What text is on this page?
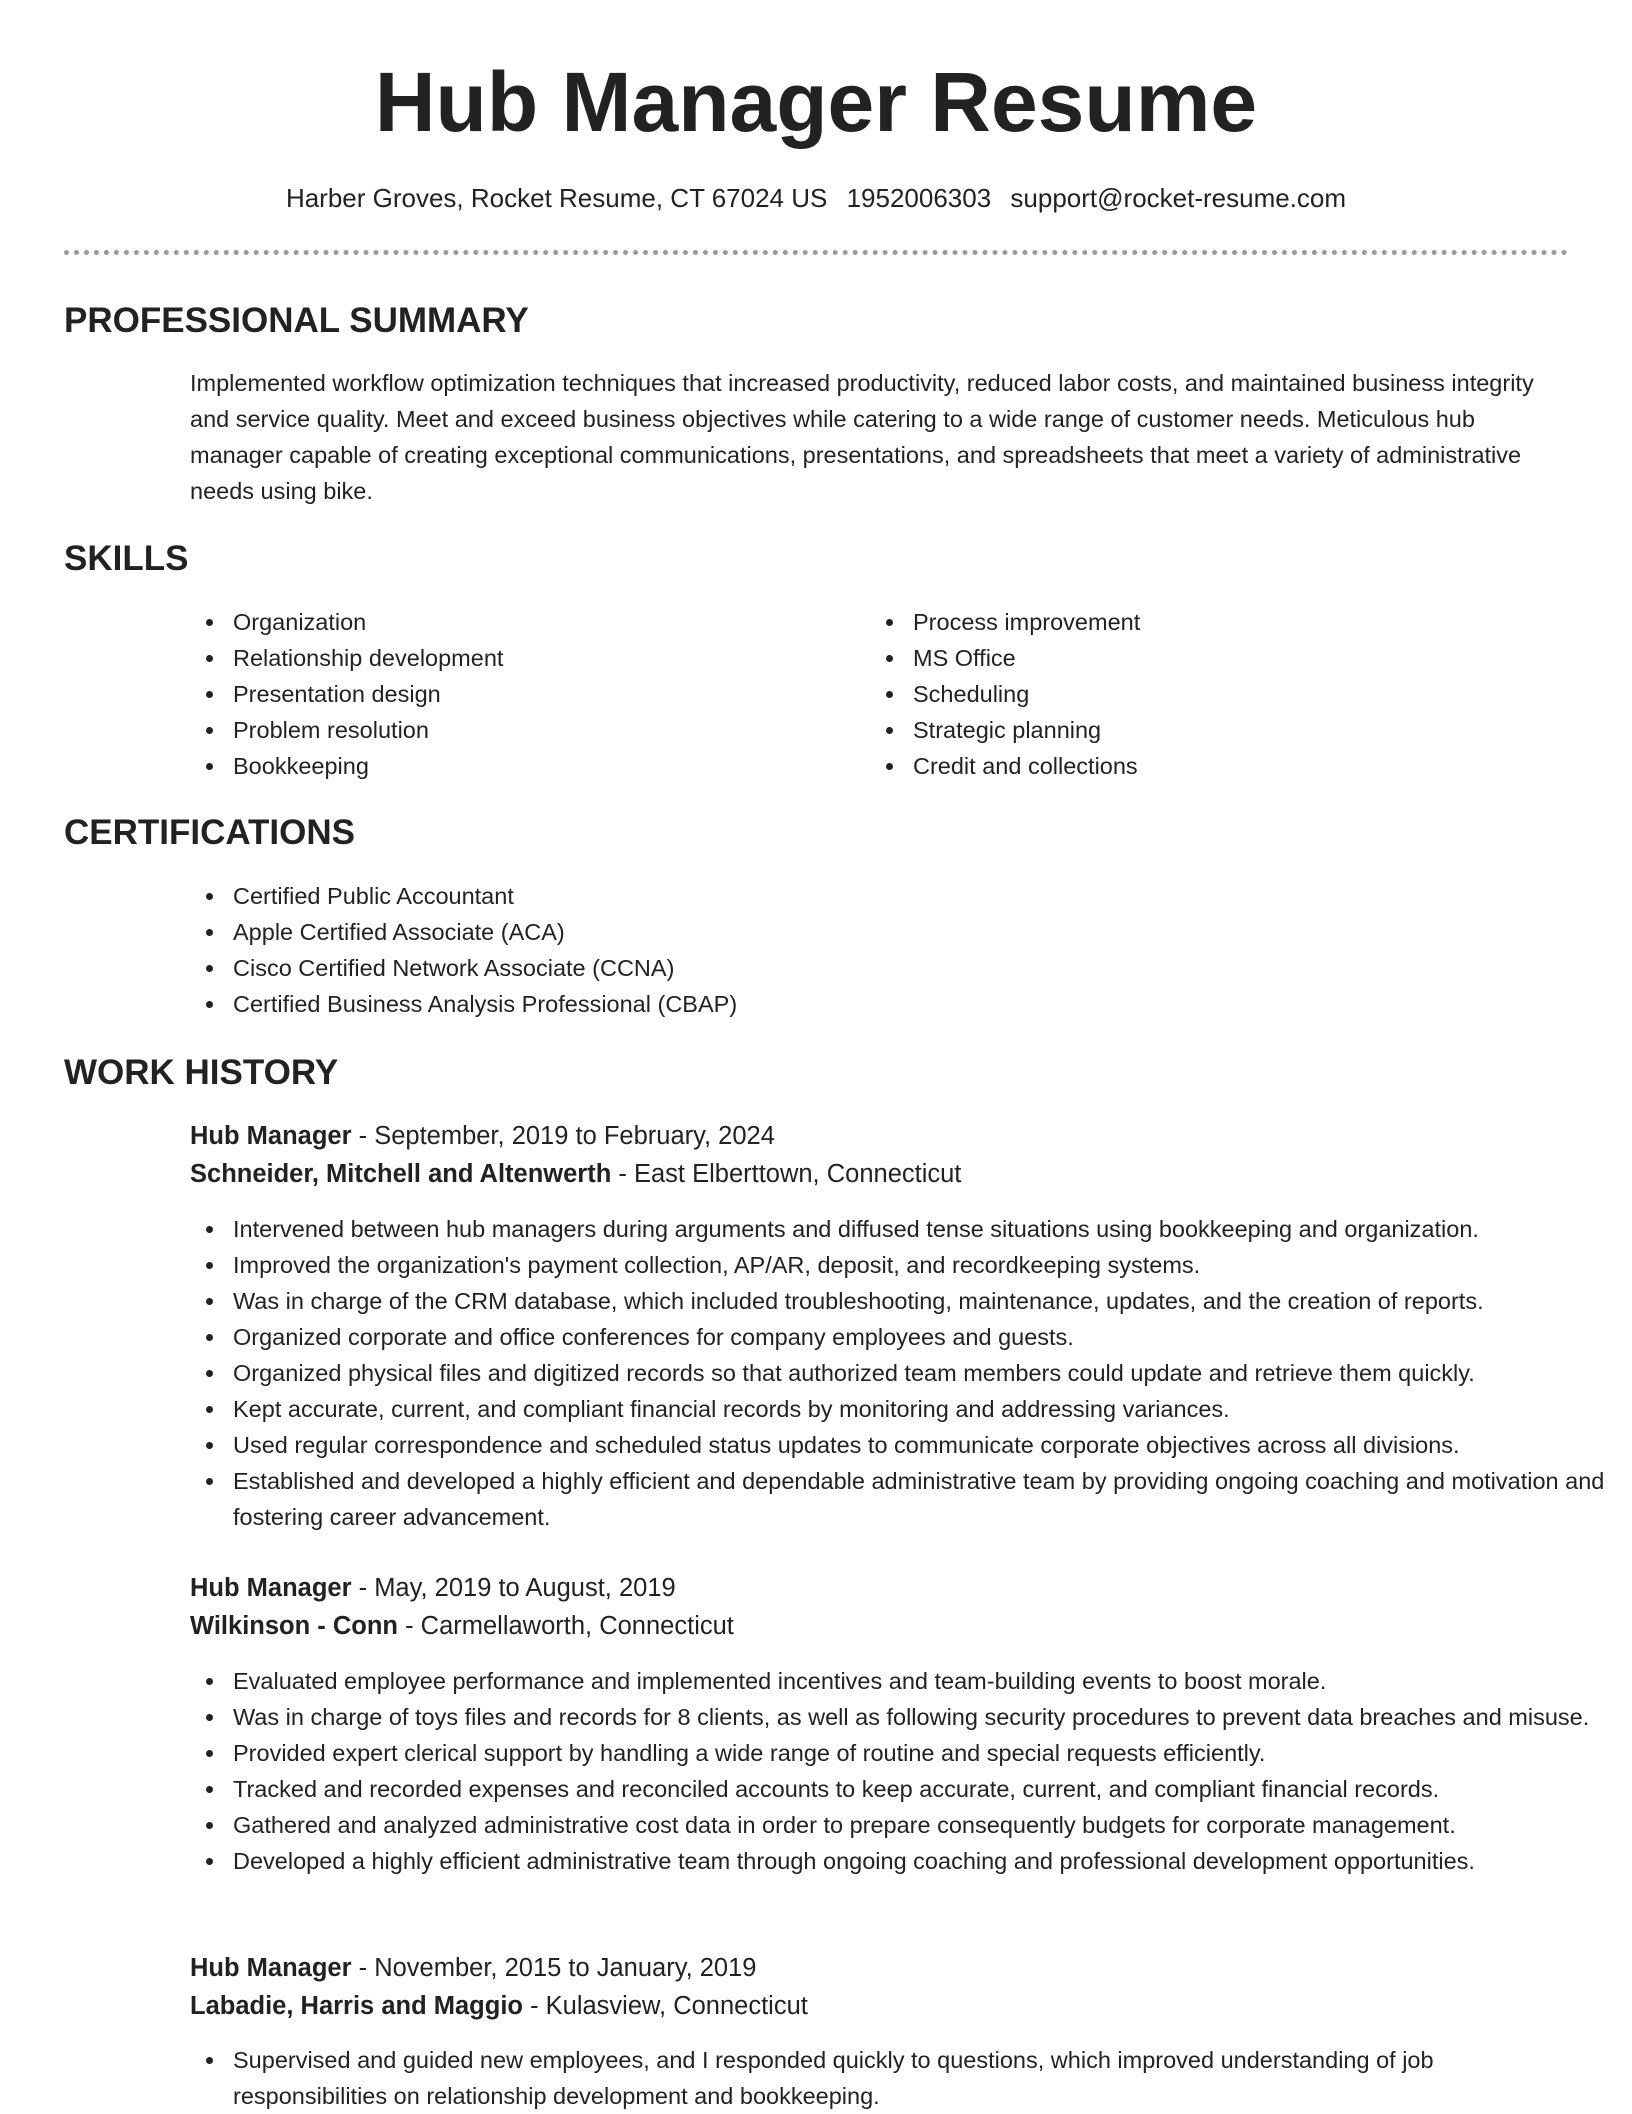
Hub Manager Resume
Harber Groves, Rocket Resume, CT 67024 US 1952006303 support@rocket-resume.com
PROFESSIONAL SUMMARY

Implemented workflow optimization techniques that increased productivity, reduced labor costs, and maintained business integrity and service quality. Meet and exceed business objectives while catering to a wide range of customer needs. Meticulous hub manager capable of creating exceptional communications, presentations, and spreadsheets that meet a variety of administrative needs using bike.

SKILLS
Organization
Relationship development
Presentation design
Problem resolution
Bookkeeping
Process improvement
MS Office
Scheduling
Strategic planning
Credit and collections
CERTIFICATIONS
Certified Public Accountant
Apple Certified Associate (ACA)
Cisco Certified Network Associate (CCNA)
Certified Business Analysis Professional (CBAP)
WORK HISTORY

Hub Manager - September, 2019 to February, 2024

Schneider, Mitchell and Altenwerth - East Elberttown, Connecticut

Intervened between hub managers during arguments and diffused tense situations using bookkeeping and organization.
Improved the organization's payment collection, AP/AR, deposit, and recordkeeping systems.
Was in charge of the CRM database, which included troubleshooting, maintenance, updates, and the creation of reports.
Organized corporate and office conferences for company employees and guests.
Organized physical files and digitized records so that authorized team members could update and retrieve them quickly.
Kept accurate, current, and compliant financial records by monitoring and addressing variances.
Used regular correspondence and scheduled status updates to communicate corporate objectives across all divisions.
Established and developed a highly efficient and dependable administrative team by providing ongoing coaching and motivation and fostering career advancement.

Hub Manager - May, 2019 to August, 2019

Wilkinson - Conn - Carmellaworth, Connecticut

Evaluated employee performance and implemented incentives and team-building events to boost morale.
Was in charge of toys files and records for 8 clients, as well as following security procedures to prevent data breaches and misuse.
Provided expert clerical support by handling a wide range of routine and special requests efficiently.
Tracked and recorded expenses and reconciled accounts to keep accurate, current, and compliant financial records.
Gathered and analyzed administrative cost data in order to prepare consequently budgets for corporate management.
Developed a highly efficient administrative team through ongoing coaching and professional development opportunities.

Hub Manager - November, 2015 to January, 2019

Labadie, Harris and Maggio - Kulasview, Connecticut

Supervised and guided new employees, and I responded quickly to questions, which improved understanding of job responsibilities on relationship development and bookkeeping.
